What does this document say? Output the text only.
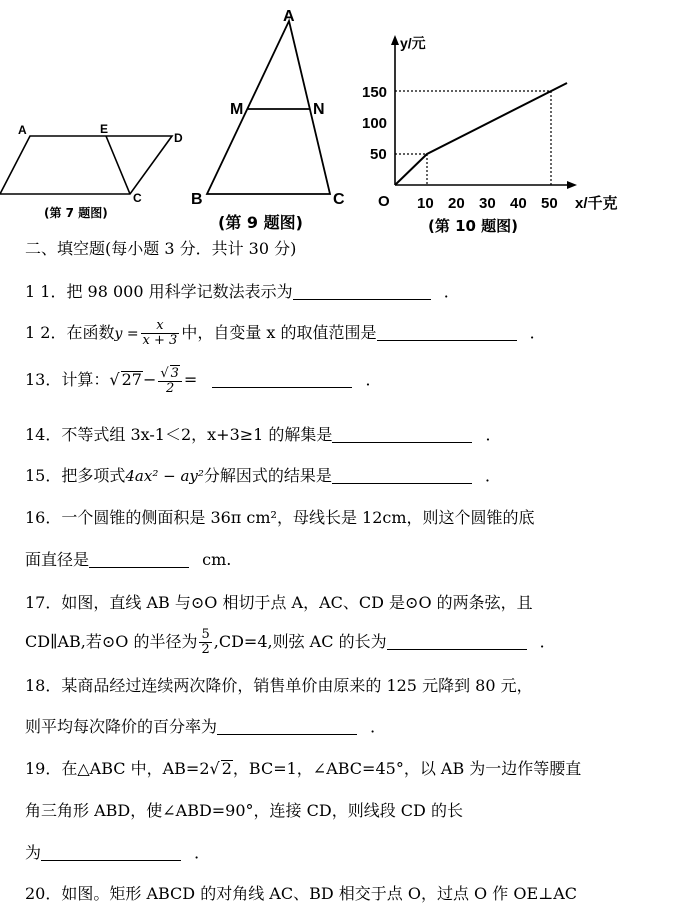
A	E
D
C
(第 7 题图)
A
M	N
B	C
(第 9 题图)
y/元
150
100
50
O 10 20 30 40 50 x/千克
(第 10 题图)
二、填空题(每小题 3 分．共计 30 分)
1 1．把 98 000 用科学记数法表示为	．
1 2．在函数$y = \frac{x}{x + 3}$ 中，自变量 x 的取值范围是	．
13．计算：√ $27- \frac{√ 3}{2}$ =	．
14．不等式组 3x-1＜2，x+3≥1 的解集是	．
15．把多项式4ax² − ay²分解因式的结果是	．
16．一个圆锥的侧面积是 36π cm²，母线长是 12cm，则这个圆锥的底
面直径是	cm.
17．如图，直线 AB 与⊙O 相切于点 A，AC、CD 是⊙O 的两条弦，且
CD∥AB,若⊙O 的半径为 $\frac{5}{2} ,CD=4$,则弦 AC 的长为	．
18．某商品经过连续两次降价，销售单价由原来的 125 元降到 80 元，
则平均每次降价的百分率为	．
19．在△ABC 中，AB=2√ 2，BC=1，∠ABC=45°，以 AB 为一边作等腰直
角三角形 ABD，使∠ABD=90°，连接 CD，则线段 CD 的长
为	．
20．如图。矩形 ABCD 的对角线 AC、BD 相交于点 O，过点 O 作 OE⊥AC
